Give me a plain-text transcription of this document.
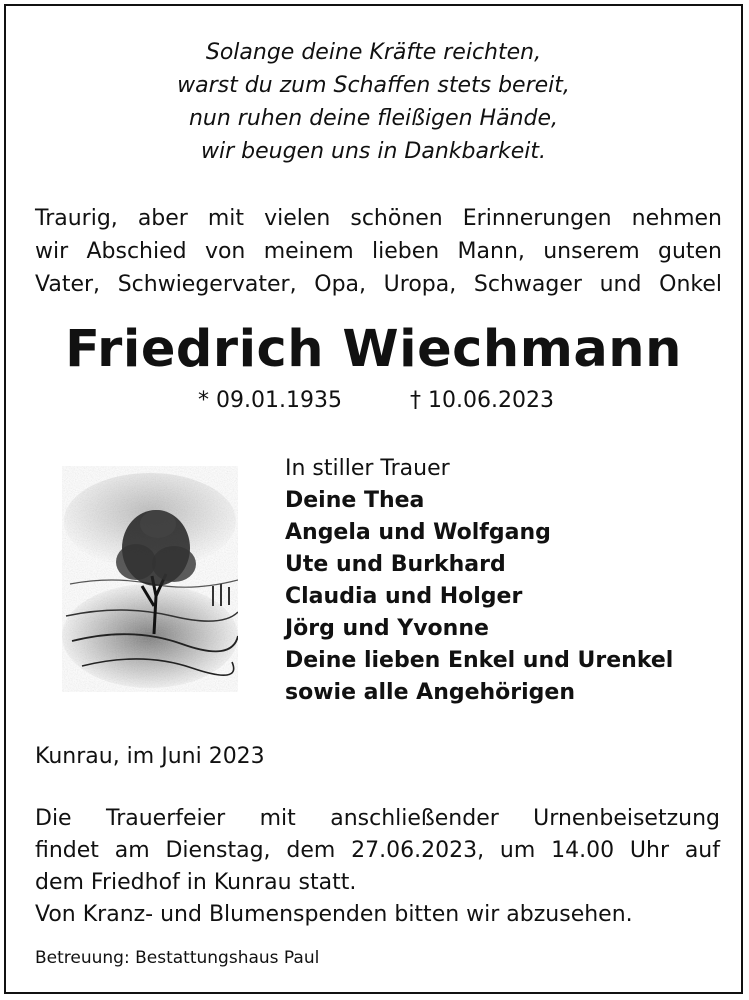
Solange deine Kräfte reichten,
warst du zum Schaffen stets bereit,
nun ruhen deine fleißigen Hände,
wir beugen uns in Dankbarkeit.
Traurig, aber mit vielen schönen Erinnerungen nehmen
wir Abschied von meinem lieben Mann, unserem guten
Vater, Schwiegervater, Opa, Uropa, Schwager und Onkel
Friedrich Wiechmann
* 09.01.1935	† 10.06.2023
In stiller Trauer
Deine Thea
Angela und Wolfgang
Ute und Burkhard
Claudia und Holger
Jörg und Yvonne
Deine lieben Enkel und Urenkel
sowie alle Angehörigen
Kunrau, im Juni 2023
Die Trauerfeier mit anschließender Urnenbeisetzung
findet am Dienstag, dem 27.06.2023, um 14.00 Uhr auf
dem Friedhof in Kunrau statt.
Von Kranz- und Blumenspenden bitten wir abzusehen.
Betreuung: Bestattungshaus Paul
